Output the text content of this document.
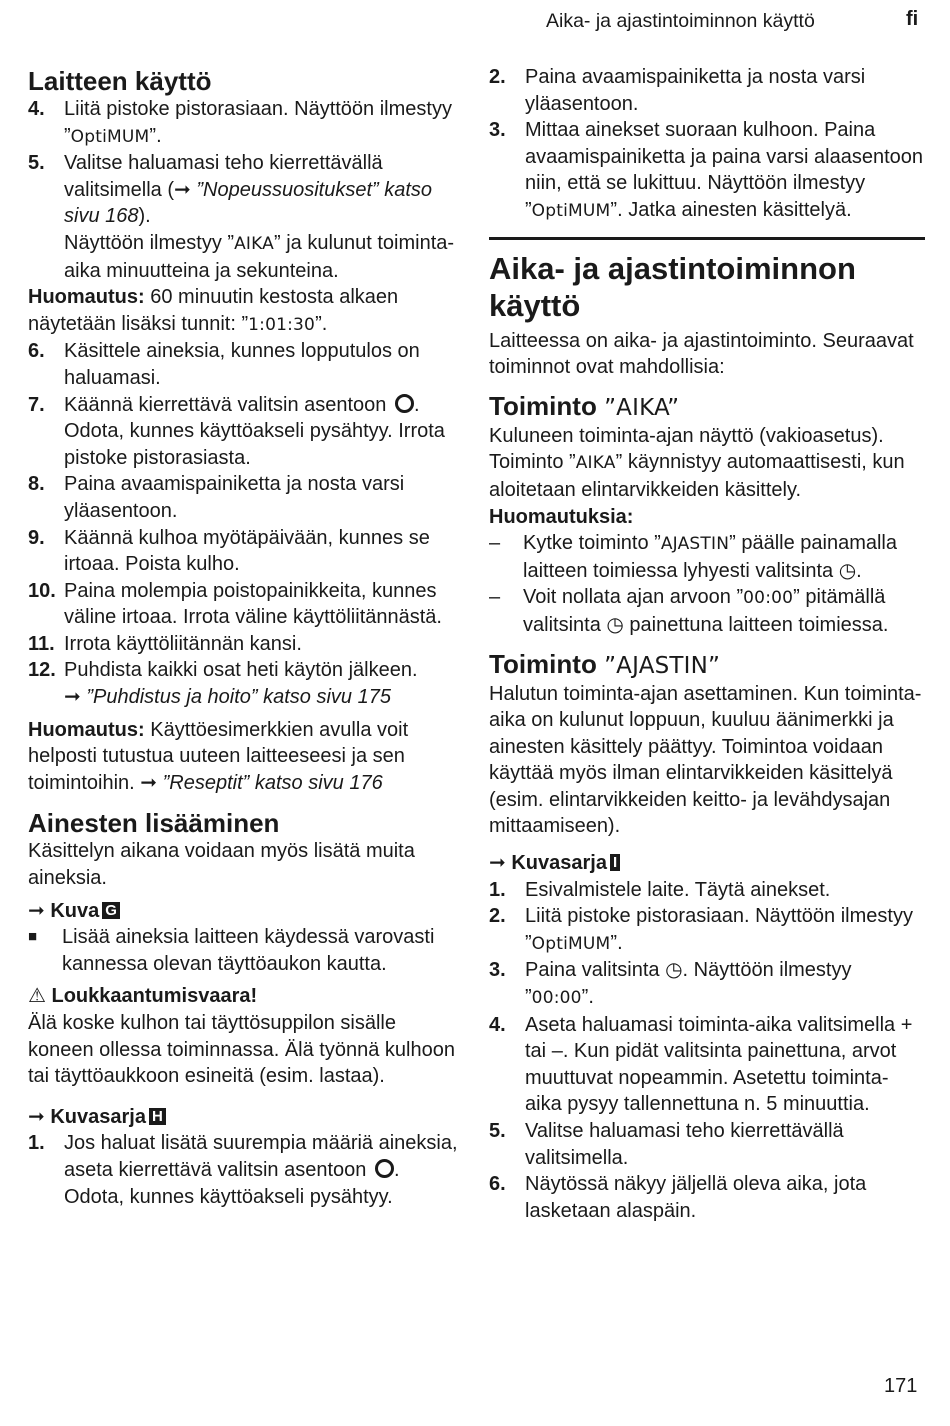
Aika- ja ajastintoiminnon käyttö	fi
Laitteen käyttö
4. Liitä pistoke pistorasiaan. Näyttöön ilmestyy ”OptiMUM”.
5. Valitse haluamasi teho kierrettävällä valitsimella (➞ ”Nopeussuositukset” katso sivu 168).
Näyttöön ilmestyy ”AIKA” ja kulunut toiminta-aika minuutteina ja sekunteina.
Huomautus: 60 minuutin kestosta alkaen näytetään lisäksi tunnit: ”1:01:30”.
6. Käsittele aineksia, kunnes lopputulos on haluamasi.
7. Käännä kierrettävä valitsin asentoon . Odota, kunnes käyttöakseli pysähtyy. Irrota pistoke pistorasiasta.
8. Paina avaamispainiketta ja nosta varsi yläasentoon.
9. Käännä kulhoa myötäpäivään, kunnes se irtoaa. Poista kulho.
10. Paina molempia poistopainikkeita, kunnes väline irtoaa. Irrota väline käyttöliitännästä.
11. Irrota käyttöliitännän kansi.
12. Puhdista kaikki osat heti käytön jälkeen.
➞ ”Puhdistus ja hoito” katso sivu 175
Huomautus: Käyttöesimerkkien avulla voit helposti tutustua uuteen laitteeseesi ja sen toimintoihin. ➞ ”Reseptit” katso sivu 176
Ainesten lisääminen
Käsittelyn aikana voidaan myös lisätä muita aineksia.
➞ Kuva G
■	Lisää aineksia laitteen käydessä varovasti kannessa olevan täyttöaukon kautta.
⚠ Loukkaantumisvaara!
Älä koske kulhon tai täyttösuppilon sisälle koneen ollessa toiminnassa. Älä työnnä kulhoon tai täyttöaukkoon esineitä (esim. lastaa).
➞ Kuvasarja H
1. Jos haluat lisätä suurempia määriä aineksia, aseta kierrettävä valitsin asentoon . Odota, kunnes käyttöakseli pysähtyy.
2. Paina avaamispainiketta ja nosta varsi yläasentoon.
3. Mittaa ainekset suoraan kulhoon. Paina avaamispainiketta ja paina varsi alaasentoon niin, että se lukittuu. Näyttöön ilmestyy ”OptiMUM”. Jatka ainesten käsittelyä.
Aika- ja ajastintoiminnon käyttö
Laitteessa on aika- ja ajastintoiminto. Seuraavat toiminnot ovat mahdollisia:
Toiminto ”AIKA”
Kuluneen toiminta-ajan näyttö (vakioasetus). Toiminto ”AIKA” käynnistyy automaattisesti, kun aloitetaan elintarvikkeiden käsittely.
Huomautuksia:
–	Kytke toiminto ”AJASTIN” päälle painamalla laitteen toimiessa lyhyesti valitsinta ◷.
–	Voit nollata ajan arvoon ”00:00” pitämällä valitsinta ◷ painettuna laitteen toimiessa.
Toiminto ”AJASTIN”
Halutun toiminta-ajan asettaminen. Kun toiminta-aika on kulunut loppuun, kuuluu äänimerkki ja ainesten käsittely päättyy. Toimintoa voidaan käyttää myös ilman elintarvikkeiden käsittelyä (esim. elintarvikkeiden keitto- ja levähdysajan mittaamiseen).
➞ Kuvasarja I
1. Esivalmistele laite. Täytä ainekset.
2. Liitä pistoke pistorasiaan. Näyttöön ilmestyy ”OptiMUM”.
3. Paina valitsinta ◷. Näyttöön ilmestyy ”00:00”.
4. Aseta haluamasi toiminta-aika valitsimella + tai –. Kun pidät valitsinta painettuna, arvot muuttuvat nopeammin. Asetettu toiminta-aika pysyy tallennettuna n. 5 minuuttia.
5. Valitse haluamasi teho kierrettävällä valitsimella.
6. Näytössä näkyy jäljellä oleva aika, jota lasketaan alaspäin.
171
